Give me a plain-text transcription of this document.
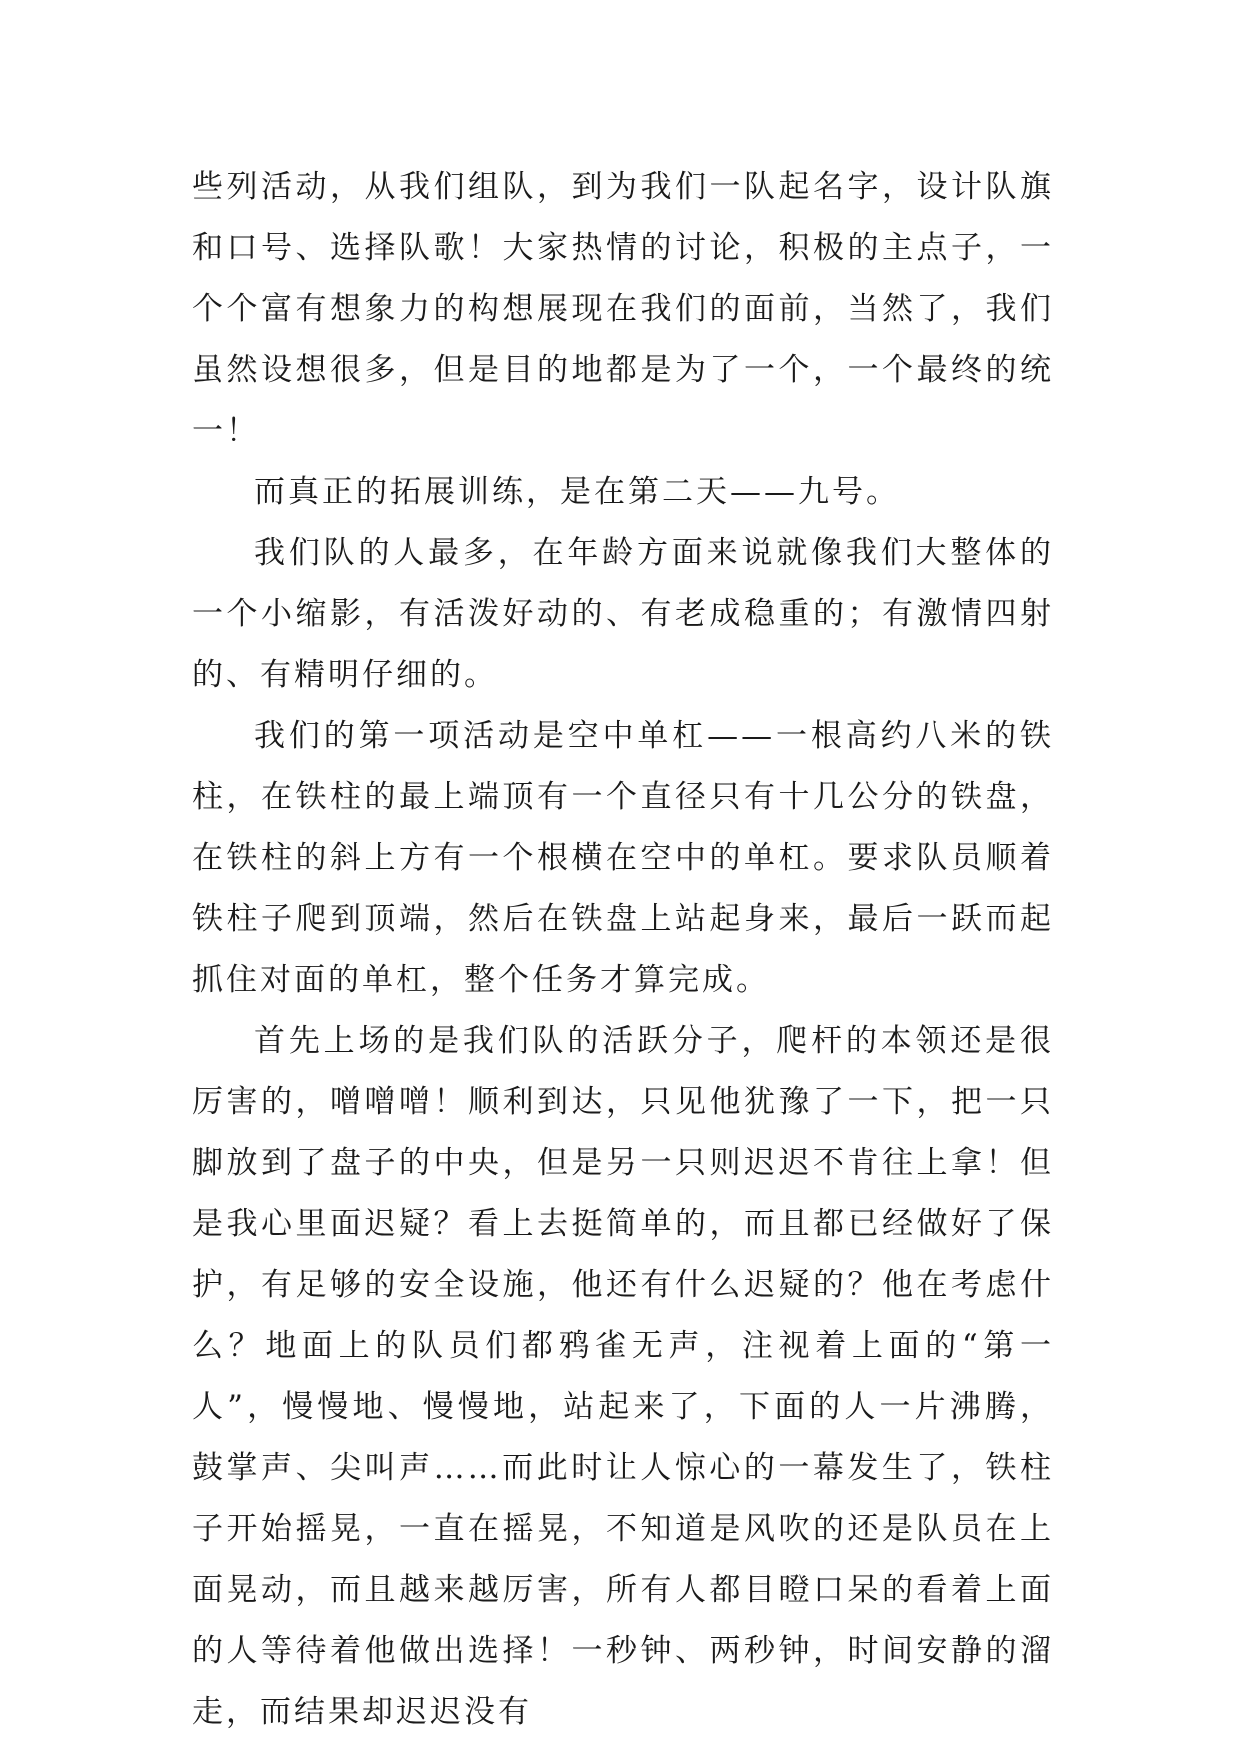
些列活动，从我们组队，到为我们一队起名字，设计队旗和口号、选择队歌！大家热情的讨论，积极的主点子，一个个富有想象力的构想展现在我们的面前，当然了，我们虽然设想很多，但是目的地都是为了一个，一个最终的统一！

而真正的拓展训练，是在第二天——九号。

我们队的人最多，在年龄方面来说就像我们大整体的一个小缩影，有活泼好动的、有老成稳重的；有激情四射的、有精明仔细的。

我们的第一项活动是空中单杠——一根高约八米的铁柱，在铁柱的最上端顶有一个直径只有十几公分的铁盘，在铁柱的斜上方有一个根横在空中的单杠。要求队员顺着铁柱子爬到顶端，然后在铁盘上站起身来，最后一跃而起抓住对面的单杠，整个任务才算完成。

首先上场的是我们队的活跃分子，爬杆的本领还是很厉害的，噌噌噌！顺利到达，只见他犹豫了一下，把一只脚放到了盘子的中央，但是另一只则迟迟不肯往上拿！但是我心里面迟疑？看上去挺简单的，而且都已经做好了保护，有足够的安全设施，他还有什么迟疑的？他在考虑什么？地面上的队员们都鸦雀无声，注视着上面的“第一人”，慢慢地、慢慢地，站起来了，下面的人一片沸腾，鼓掌声、尖叫声……而此时让人惊心的一幕发生了，铁柱子开始摇晃，一直在摇晃，不知道是风吹的还是队员在上面晃动，而且越来越厉害，所有人都目瞪口呆的看着上面的人等待着他做出选择！一秒钟、两秒钟，时间安静的溜走，而结果却迟迟没有
